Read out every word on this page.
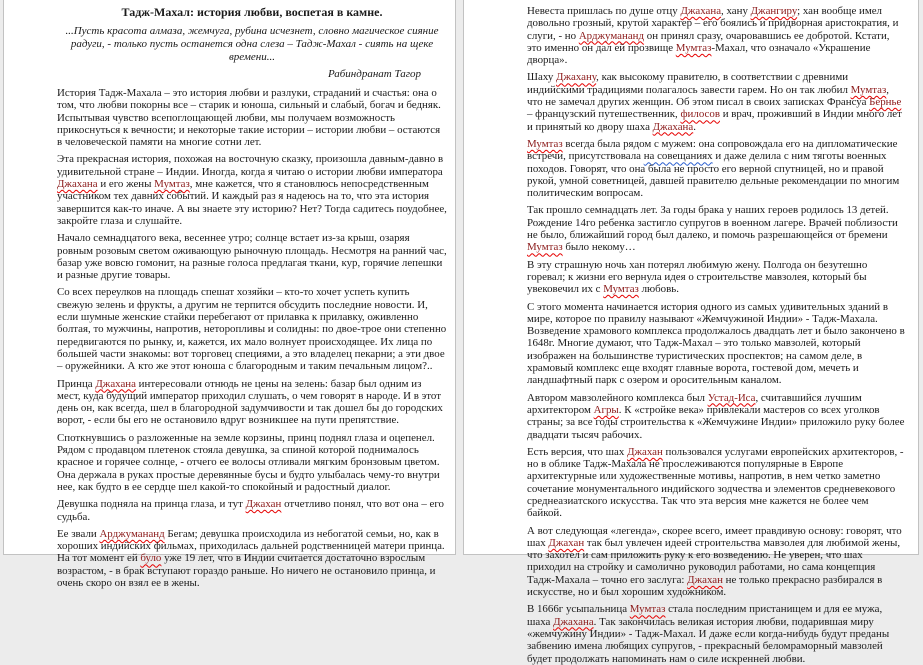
Тадж-Махал: история любви, воспетая в камне.

...Пусть красота алмаза, жемчуга, рубина исчезнет, словно магическое сияние радуги, - только пусть останется одна слеза – Тадж-Махал - сиять на щеке времени...

Рабиндранат Тагор

История Тадж-Махала – это история любви и разлуки, страданий и счастья: она о том, что любви покорны все – старик и юноша, сильный и слабый, богач и бедняк. Испытывая чувство всепоглощающей любви, мы получаем возможность прикоснуться к вечности; и некоторые такие истории – истории любви – остаются в человеческой памяти на многие сотни лет.

Эта прекрасная история, похожая на восточную сказку, произошла давным-давно в удивительной стране – Индии. Иногда, когда я читаю о истории любви императора Джахана и его жены Мумтаз, мне кажется, что я становлюсь непосредственным участником тех давних событий. И каждый раз я надеюсь на то, что эта история завершится как-то иначе. А вы знаете эту историю? Нет? Тогда садитесь поудобнее, закройте глаза и слушайте.

Начало семнадцатого века, весеннее утро; солнце встает из-за крыш, озаряя ровным розовым светом оживающую рыночную площадь. Несмотря на ранний час, базар уже вовсю гомонит, на разные голоса предлагая ткани, кур, горячие лепешки и разные другие товары.

Со всех переулков на площадь спешат хозяйки – кто-то хочет успеть купить свежую зелень и фрукты, а другим не терпится обсудить последние новости. И, если шумные женские стайки перебегают от прилавка к прилавку, оживленно болтая, то мужчины, напротив, неторопливы и солидны: по двое-трое они степенно передвигаются по рынку, и, кажется, их мало волнует происходящее. Их лица по большей части знакомы: вот торговец специями, а это владелец пекарни; а эти двое – оружейники. А кто же этот юноша с благородным и таким печальным лицом?..

Принца Джахана интересовали отнюдь не цены на зелень: базар был одним из мест, куда будущий император приходил слушать, о чем говорят в народе. И в этот день он, как всегда, шел в благородной задумчивости и так дошел бы до городских ворот, - если бы его не остановило вдруг возникшее на пути препятствие.

Споткнувшись о разложенные на земле корзины, принц поднял глаза и оцепенел. Рядом с продавцом плетенок стояла девушка, за спиной которой поднималось красное и горячее солнце, - отчего ее волосы отливали мягким бронзовым цветом. Она держала в руках простые деревянные бусы и будто улыбалась чему-то внутри нее, как будто в ее сердце шел какой-то спокойный и радостный диалог.

Девушка подняла на принца глаза, и тут Джахан отчетливо понял, что вот она – его судьба.

Ее звали Арджумананд Бегам; девушка происходила из небогатой семьи, но, как в хороших индийских фильмах, приходилась дальней родственницей матери принца. На тот момент ей було уже 19 лет, что в Индии считается достаточно взрослым возрастом, - в брак вступают гораздо раньше. Но ничего не остановило принца, и очень скоро он взял ее в жены.

Невеста пришлась по душе отцу Джахана, хану Джангиру; хан вообще имел довольно грозный, крутой характер – его боялись и придворная аристократия, и слуги, - но Арджумананд он принял сразу, очаровавшись ее добротой. Кстати, это именно он дал ей прозвище Мумтаз-Махал, что означало «Украшение дворца».

Шаху Джахану, как высокому правителю, в соответствии с древними индийскими традициями полагалось завести гарем. Но он так любил Мумтаз, что не замечал других женщин. Об этом писал в своих записках Франсуа Бернье – французский путешественник, филосов и врач, проживший в Индии много лет и принятый ко двору шаха Джахана.

Мумтаз всегда была рядом с мужем: она сопровождала его на дипломатические встречи, присутствовала на совещаниях и даже делила с ним тяготы военных походов. Говорят, что она была не просто его верной спутницей, но и правой рукой, умной советницей, давшей правителю дельные рекомендации по многим политическим вопросам.

Так прошло семнадцать лет. За годы брака у наших героев родилось 13 детей. Рождение 14го ребенка застигло супругов в военном лагере. Врачей поблизости не было, ближайший город был далеко, и помочь разрешающейся от бремени Мумтаз было некому…

В эту страшную ночь хан потерял любимую жену. Полгода он безутешно горевал; к жизни его вернула идея о строительстве мавзолея, который бы увековечил их с Мумтаз любовь.

С этого момента начинается история одного из самых удивительных зданий в мире, которое по правилу называют «Жемчужиной Индии» - Тадж-Махала. Возведение храмового комплекса продолжалось двадцать лет и было закончено в 1648г. Многие думают, что Тадж-Махал – это только мавзолей, который изображен на большинстве туристических проспектов; на самом деле, в храмовый комплекс еще входят главные ворота, гостевой дом, мечеть и ландшафтный парк с озером и оросительным каналом.

Автором мавзолейного комплекса был Устад-Иса, считавшийся лучшим архитектором Агры. К «стройке века» привлекали мастеров со всех уголков страны; за все годы строительства к «Жемчужине Индии» приложило руку более двадцати тысяч рабочих.

Есть версия, что шах Джахан пользовался услугами европейских архитекторов, - но в облике Тадж-Махала не прослеживаются популярные в Европе архитектурные или художественные мотивы, напротив, в нем четко заметно сочетание монументального индийского зодчества и элементов средневекового среднеазиатского искусства. Так что эта версия мне кажется не более чем байкой.

А вот следующая «легенда», скорее всего, имеет правдивую основу: говорят, что шах Джахан так был увлечен идеей строительства мавзолея для любимой жены, что захотел и сам приложить руку к его возведению. Не уверен, что шах приходил на стройку и самолично руководил работами, но сама концепция Тадж-Махала – точно его заслуга: Джахан не только прекрасно разбирался в искусстве, но и был хорошим художником.

В 1666г усыпальница Мумтаз стала последним пристанищем и для ее мужа, шаха Джахана. Так закончилась великая история любви, подарившая миру «жемчужину Индии» - Тадж-Махал. И даже если когда-нибудь будут преданы забвению имена любящих супругов, - прекрасный беломраморный мавзолей будет продолжать напоминать нам о силе искренней любви.
